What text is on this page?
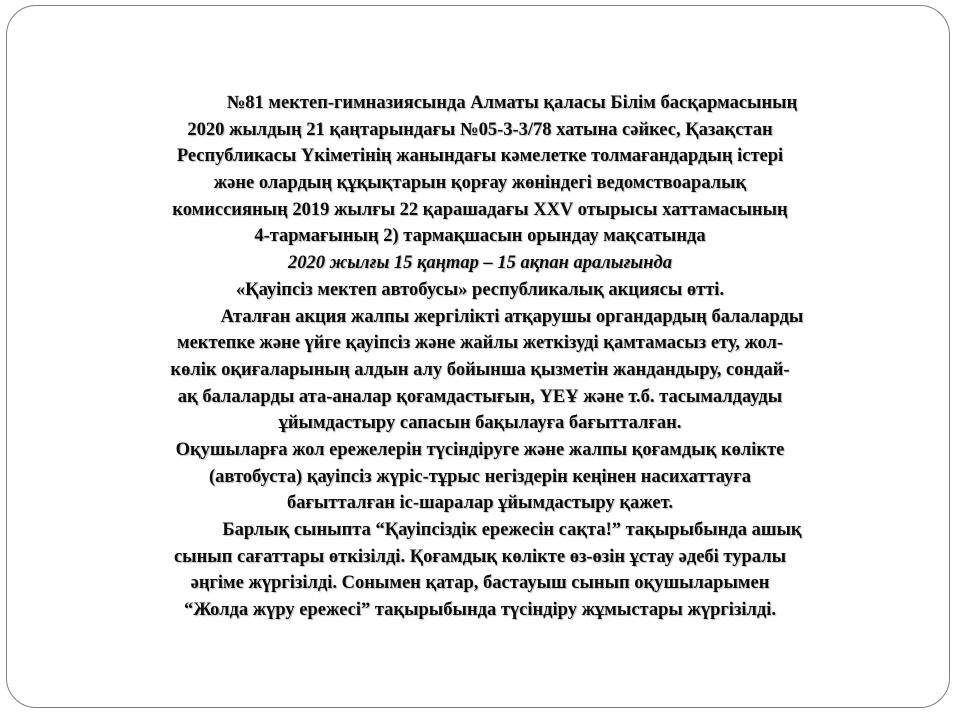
№81 мектеп-гимназиясында Алматы қаласы Білім басқармасының
2020 жылдың 21 қаңтарындағы №05-3-3/78 хатына сәйкес, Қазақстан
Республикасы Үкіметінің жанындағы кәмелетке толмағандардың істері
және олардың құқықтарын қорғау жөніндегі ведомствоаралық
комиссияның 2019 жылғы 22 қарашадағы XXV отырысы хаттамасының
4-тармағының 2) тармақшасын орындау мақсатында
2020 жылғы 15 қаңтар – 15 ақпан аралығында
«Қауіпсіз мектеп автобусы» республикалық акциясы өтті.
Аталған акция жалпы жергілікті атқарушы органдардың балаларды
мектепке және үйге қауіпсіз және жайлы жеткізуді қамтамасыз ету, жол-
көлік оқиғаларының алдын алу бойынша қызметін жандандыру, сондай-
ақ балаларды ата-аналар қоғамдастығын, ҮЕҰ және т.б. тасымалдауды
ұйымдастыру сапасын бақылауға бағытталған.
Оқушыларға жол ережелерін түсіндіруге және жалпы қоғамдық көлікте
(автобуста) қауіпсіз жүріс-тұрыс негіздерін кеңінен насихаттауға
бағытталған іс-шаралар ұйымдастыру қажет.
Барлық сыныпта “Қауіпсіздік ережесін сақта!” тақырыбында ашық
сынып сағаттары өткізілді. Қоғамдық көлікте өз-өзін ұстау әдебі туралы
әңгіме жүргізілді. Сонымен қатар, бастауыш сынып оқушыларымен
“Жолда жүру ережесі” тақырыбында түсіндіру жұмыстары жүргізілді.
